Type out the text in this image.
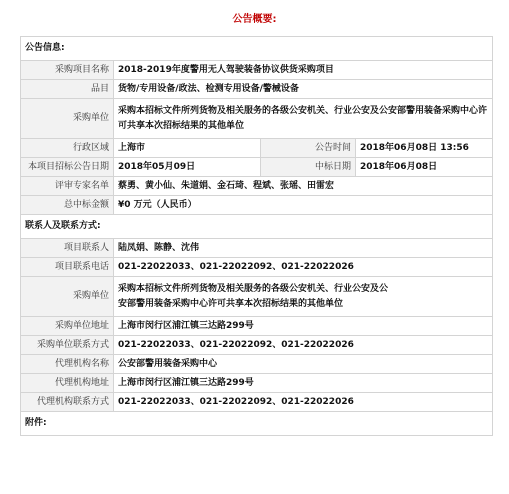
公告概要:
公告信息:			
采购项目名称	2018-2019年度警用无人驾驶装备协议供货采购项目		
品目	货物/专用设备/政法、检测专用设备/警械设备		
采购单位	采购本招标文件所列货物及相关服务的各级公安机关、行业公安及公安部警用装备采购中心许可共享本次招标结果的其他单位		
行政区域	上海市	公告时间	2018年06月08日 13:56
本项目招标公告日期	2018年05月09日	中标日期	2018年06月08日
评审专家名单	蔡勇、黄小仙、朱道娟、金石琦、程斌、张瑶、田雷宏		
总中标金额	¥0 万元（人民币）		
联系人及联系方式:			
项目联系人	陆凤娟、陈静、沈伟		
项目联系电话	021-22022033、021-22022092、021-22022026		
采购单位	采购本招标文件所列货物及相关服务的各级公安机关、行业公安及公
安部警用装备采购中心许可共享本次招标结果的其他单位		

采购单位地址	上海市闵行区浦江镇三达路299号		
采购单位联系方式	021-22022033、021-22022092、021-22022026		
代理机构名称	公安部警用装备采购中心		
代理机构地址	上海市闵行区浦江镇三达路299号		
代理机构联系方式	021-22022033、021-22022092、021-22022026		
附件:			
